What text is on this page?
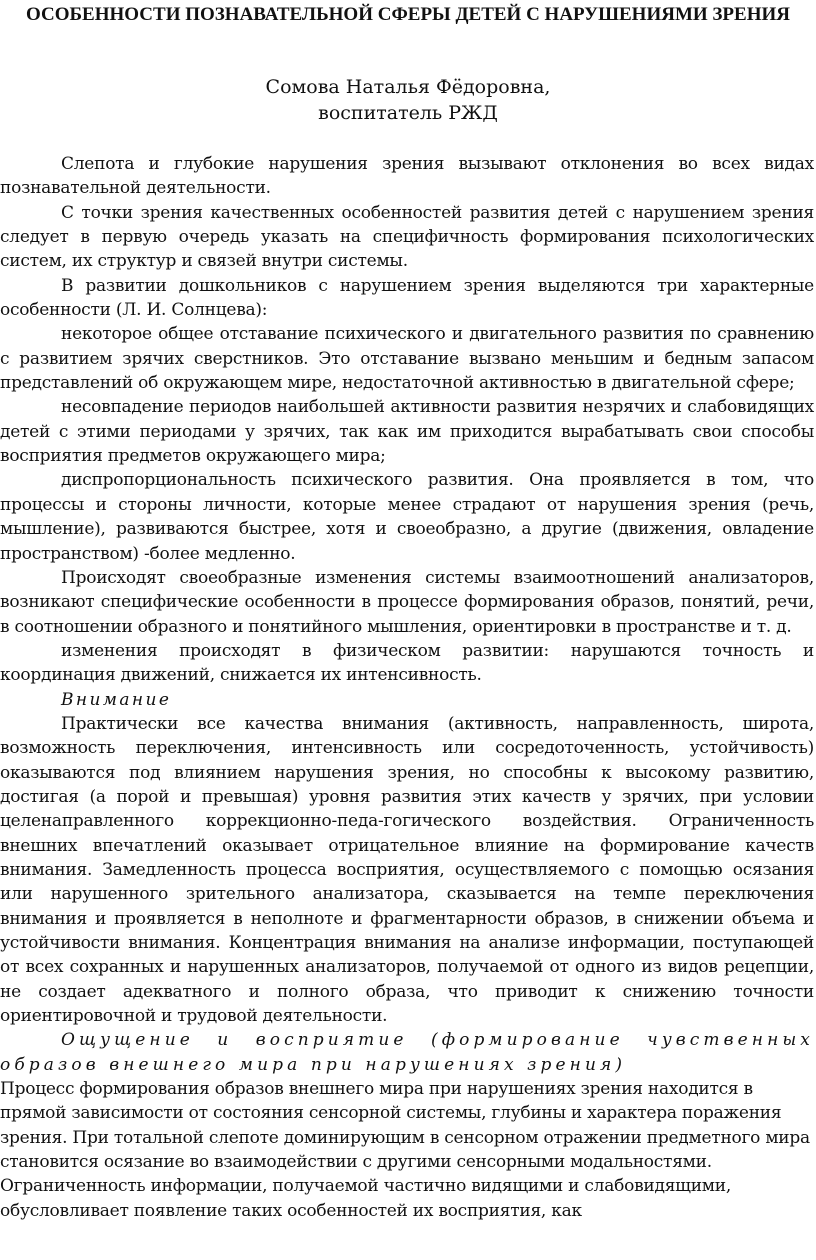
ОСОБЕННОСТИ ПОЗНАВАТЕЛЬНОЙ СФЕРЫ ДЕТЕЙ С НАРУШЕНИЯМИ ЗРЕНИЯ
Сомова Наталья Фёдоровна,
воспитатель РЖД

Слепота и глубокие нарушения зрения вызывают отклонения во всех видах познавательной деятельности.

С точки зрения качественных особенностей развития детей с нарушением зрения следует в первую очередь указать на специфичность формирования психологических систем, их структур и связей внутри системы.

В развитии дошкольников с нарушением зрения выделяются три характерные особенности (Л. И. Солнцева):

некоторое общее отставание психического и двигательного развития по сравнению с развитием зрячих сверстников. Это отставание вызвано меньшим и бедным запасом представлений об окружающем мире, недостаточной активностью в двигательной сфере;

несовпадение периодов наибольшей активности развития незрячих и слабовидящих детей с этими периодами у зрячих, так как им приходится вырабатывать свои способы восприятия предметов окружающего мира;

диспропорциональность психического развития. Она проявляется в том, что процессы и стороны личности, которые менее страдают от нарушения зрения (речь, мышление), развиваются быстрее, хотя и своеобразно, а другие (движения, овладение пространством) -более медленно.

Происходят своеобразные изменения системы взаимоотношений анализаторов, возникают специфические особенности в процессе формирования образов, понятий, речи, в соотношении образного и понятийного мышления, ориентировки в пространстве и т. д.

изменения происходят в физическом развитии: нарушаются точность и координация движений, снижается их интенсивность.

Внимание

Практически все качества внимания (активность, направленность, широта, возможность переключения, интенсивность или сосредоточенность, устойчивость) оказываются под влиянием нарушения зрения, но способны к высокому развитию, достигая (а порой и превышая) уровня развития этих качеств у зрячих, при условии целенаправленного коррекционно-педа-гогического воздействия. Ограниченность внешних впечатлений оказывает отрицательное влияние на формирование качеств внимания. Замедленность процесса восприятия, осуществляемого с помощью осязания или нарушенного зрительного анализатора, сказывается на темпе переключения внимания и проявляется в неполноте и фрагментарности образов, в снижении объема и устойчивости внимания. Концентрация внимания на анализе информации, поступающей от всех сохранных и нарушенных анализаторов, получаемой от одного из видов рецепции, не создает адекватного и полного образа, что приводит к снижению точности ориентировочной и трудовой деятельности.

Ощущение и восприятие (формирование чувственных образов внешнего мира при нарушениях зрения)

Процесс формирования образов внешнего мира при нарушениях зрения находится в прямой зависимости от состояния сенсорной системы, глубины и характера поражения зрения. При тотальной слепоте доминирующим в сенсорном отражении предметного мира становится осязание во взаимодействии с другими сенсорными модальностями. Ограниченность информации, получаемой частично видящими и слабовидящими, обусловливает появление таких особенностей их восприятия, как
